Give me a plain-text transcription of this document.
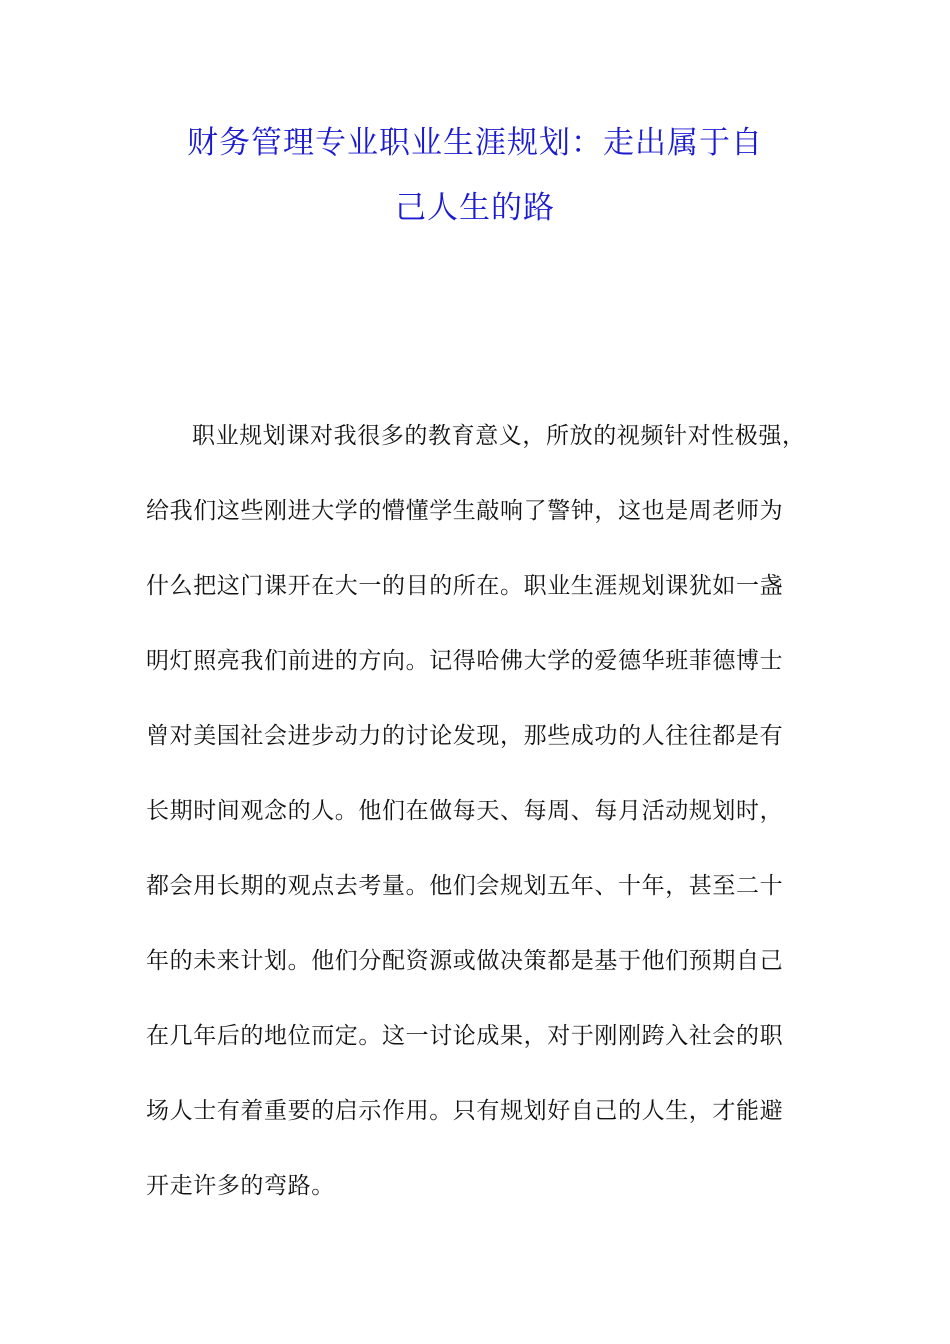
财务管理专业职业生涯规划：走出属于自
己人生的路
职业规划课对我很多的教育意义，所放的视频针对性极强，
给我们这些刚进大学的懵懂学生敲响了警钟，这也是周老师为
什么把这门课开在大一的目的所在。职业生涯规划课犹如一盏
明灯照亮我们前进的方向。记得哈佛大学的爱德华班菲德博士
曾对美国社会进步动力的讨论发现，那些成功的人往往都是有
长期时间观念的人。他们在做每天、每周、每月活动规划时，
都会用长期的观点去考量。他们会规划五年、十年，甚至二十
年的未来计划。他们分配资源或做决策都是基于他们预期自己
在几年后的地位而定。这一讨论成果，对于刚刚跨入社会的职
场人士有着重要的启示作用。只有规划好自己的人生，才能避
开走许多的弯路。
